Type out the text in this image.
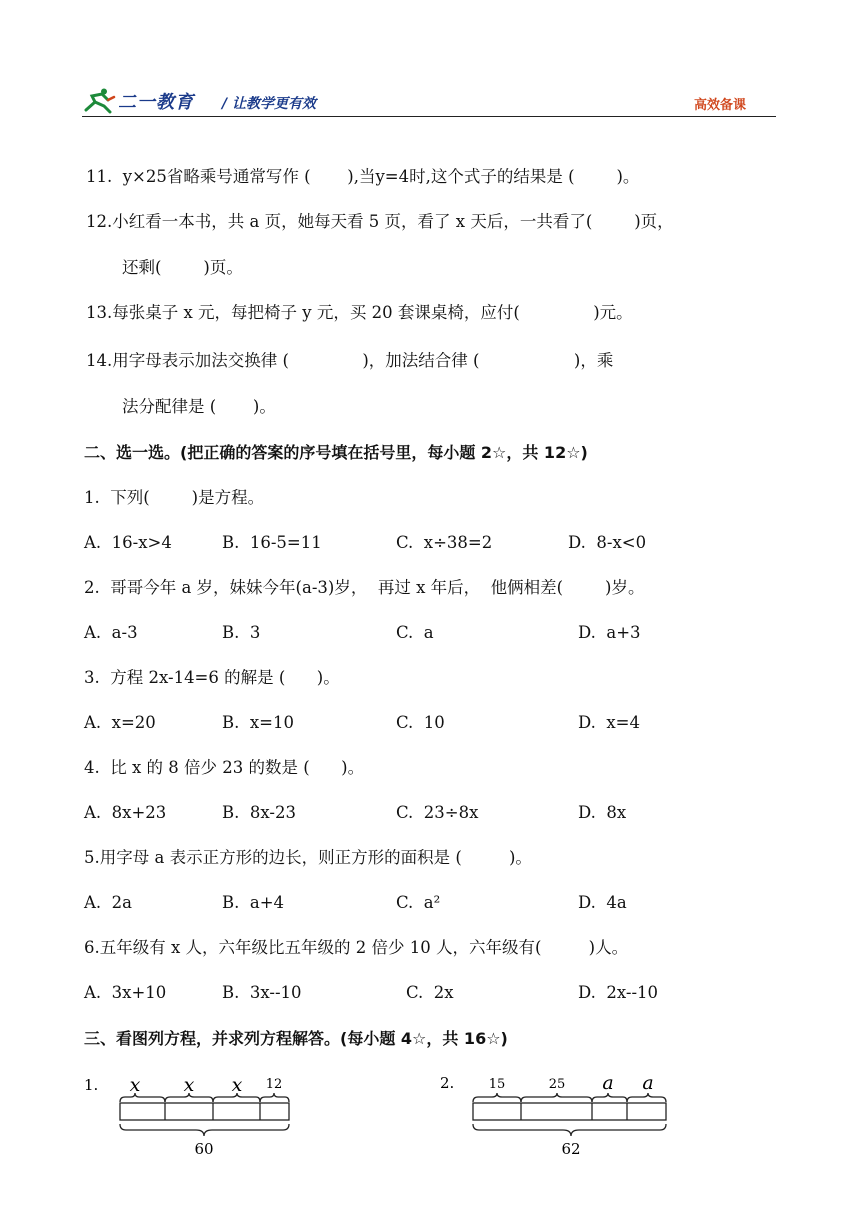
二一教育 / 让教学更有效	高效备课
11.  y×25省略乘号通常写作 (       ),当y=4时,这个式子的结果是 (        )。
12.小红看一本书，共 a 页，她每天看 5 页，看了 x 天后，一共看了(        )页，
还剩(        )页。
13.每张桌子 x 元，每把椅子 y 元，买 20 套课桌椅，应付(              )元。
14.用字母表示加法交换律 (              )，加法结合律 (                  )，乘
法分配律是 (       )。
二、选一选。(把正确的答案的序号填在括号里，每小题 2☆，共 12☆)
1.  下列(        )是方程。
A.  16-x>4	B.  16-5=11	C.  x÷38=2	D.  8-x<0
2.  哥哥今年 a 岁，妹妹今年(a-3)岁，  再过 x 年后，  他俩相差(        )岁。
A.  a-3	B.  3	C.  a	D.  a+3
3.  方程 2x-14=6 的解是 (      )。
A.  x=20	B.  x=10	C.  10	D.  x=4
4.  比 x 的 8 倍少 23 的数是 (      )。
A.  8x+23	B.  8x-23	C.  23÷8x	D.  8x
5.用字母 a 表示正方形的边长，则正方形的面积是 (         )。
A.  2a	B.  a+4	C.  a²	D.  4a
6.五年级有 x 人，六年级比五年级的 2 倍少 10 人，六年级有(         )人。
A.  3x+10	B.  3x--10	C.  2x	D.  2x--10
三、看图列方程，并求列方程解答。(每小题 4☆，共 16☆)
1. x x x 12
60
2.	15	25 a a
62
